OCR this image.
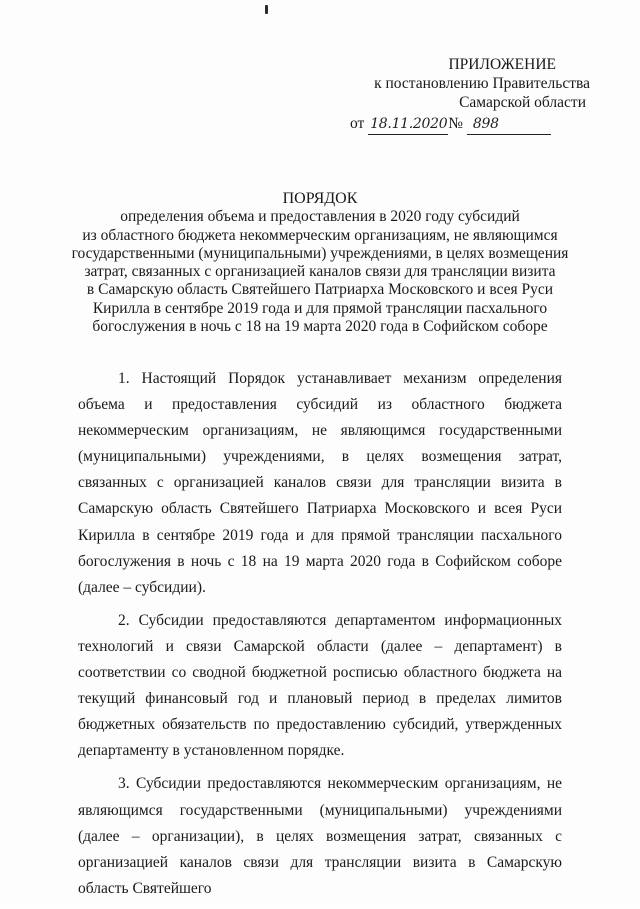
ПРИЛОЖЕНИЕ
к постановлению Правительства
Самарской области
от 18.11.2020№ 898
ПОРЯДОК
определения объема и предоставления в 2020 году субсидий
из областного бюджета некоммерческим организациям, не являющимся
государственными (муниципальными) учреждениями, в целях возмещения
затрат, связанных с организацией каналов связи для трансляции визита
в Самарскую область Святейшего Патриарха Московского и всея Руси
Кирилла в сентябре 2019 года и для прямой трансляции пасхального
богослужения в ночь с 18 на 19 марта 2020 года в Софийском соборе

1. Настоящий Порядок устанавливает механизм определения объема и предоставления субсидий из областного бюджета некоммерческим организациям, не являющимся государственными (муниципальными) учреждениями, в целях возмещения затрат, связанных с организацией каналов связи для трансляции визита в Самарскую область Святейшего Патриарха Московского и всея Руси Кирилла в сентябре 2019 года и для прямой трансляции пасхального богослужения в ночь с 18 на 19 марта 2020 года в Софийском соборе (далее – субсидии).

2. Субсидии предоставляются департаментом информационных технологий и связи Самарской области (далее – департамент) в соответствии со сводной бюджетной росписью областного бюджета на текущий финансовый год и плановый период в пределах лимитов бюджетных обязательств по предоставлению субсидий, утвержденных департаменту в установленном порядке.

3. Субсидии предоставляются некоммерческим организациям, не являющимся государственными (муниципальными) учреждениями (далее – организации), в целях возмещения затрат, связанных с организацией каналов связи для трансляции визита в Самарскую область Святейшего
